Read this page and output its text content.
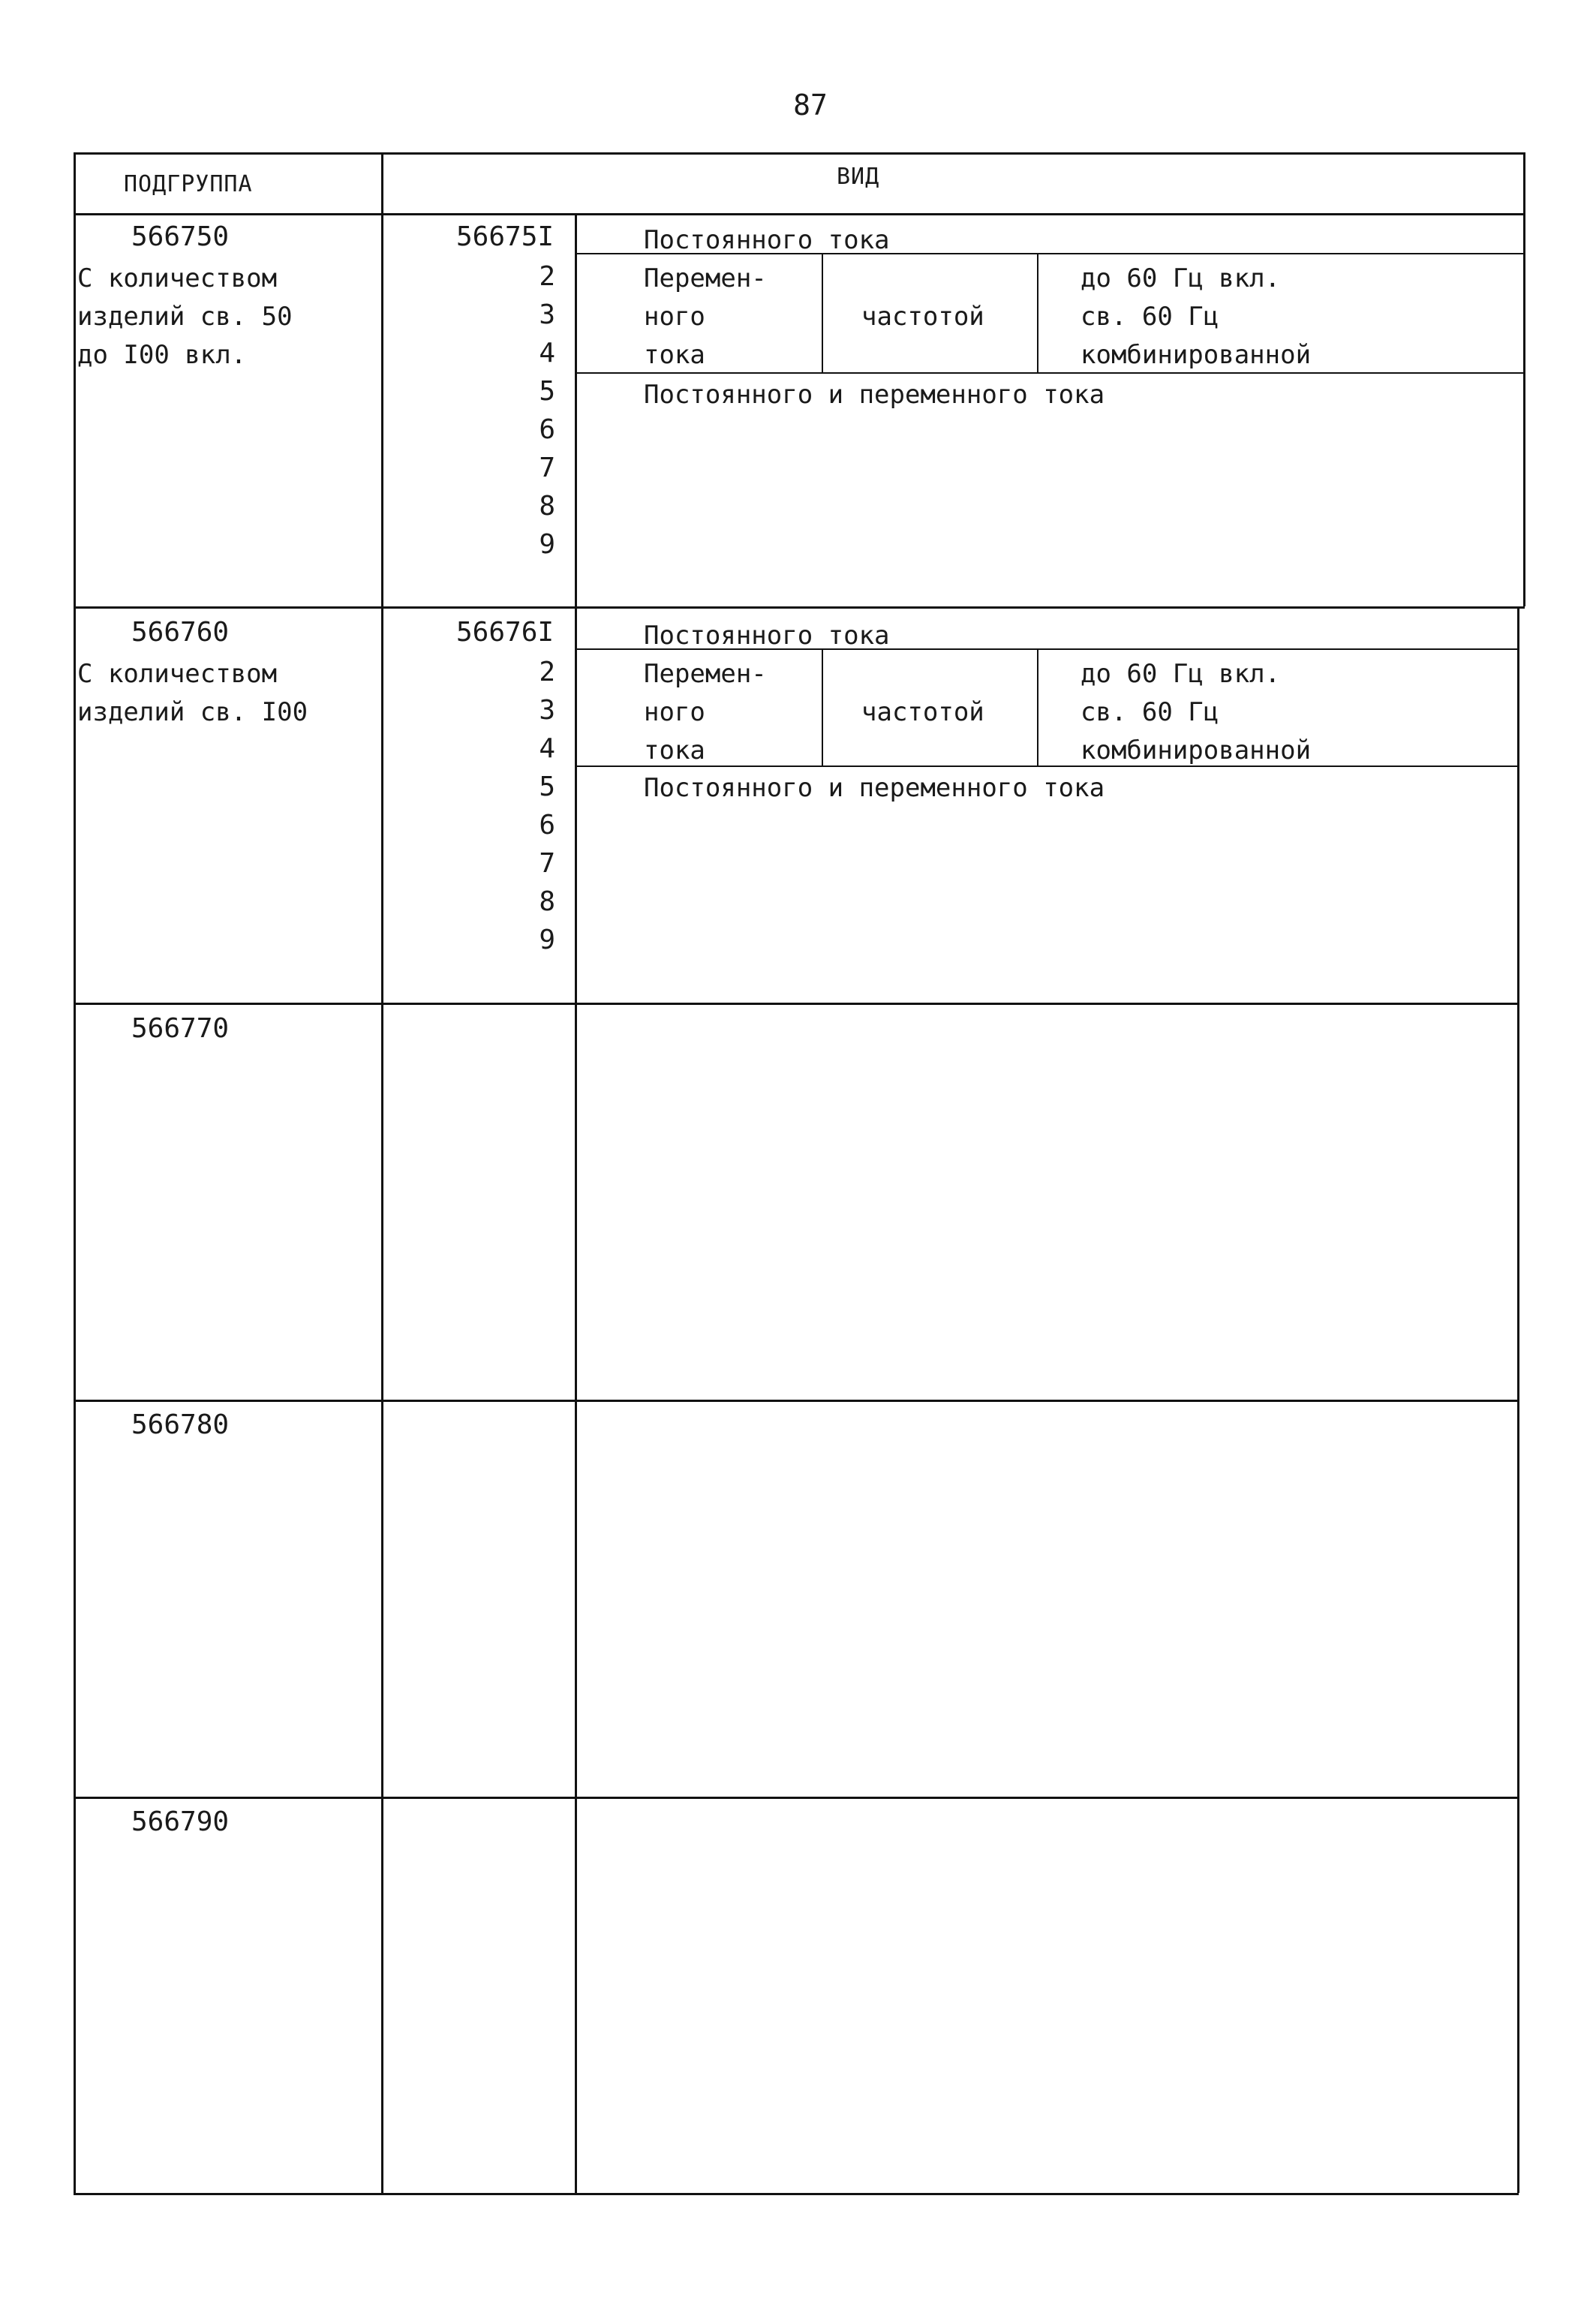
87
ПОДГРУППА	ВИД
566750
С количеством
изделий св. 50
до I00 вкл.
56675I
2
3
4
5
6
7
8
9
Постоянного тока
Перемен-
ного
тока
частотой
до 60 Гц вкл.
св. 60 Гц
комбинированной
Постоянного и переменного тока
566760
С количеством
изделий св. I00
56676I
2
3
4
5
6
7
8
9
Постоянного тока
Перемен-
ного
тока
частотой
до 60 Гц вкл.
св. 60 Гц
комбинированной
Постоянного и переменного тока
566770
566780
566790
